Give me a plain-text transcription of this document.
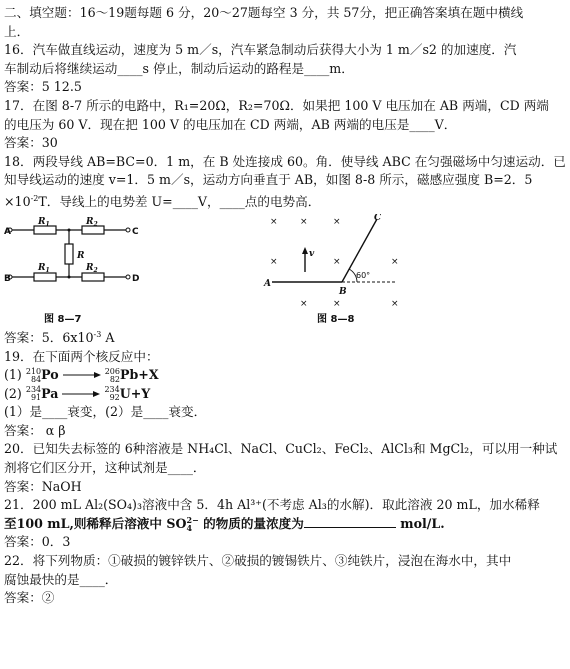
二、填空题：16～19题每题 6 分，20～27题每空 3 分，共 57分，把正确答案填在题中横线

上．

16．汽车做直线运动，速度为 5 m／s，汽车紧急制动后获得大小为 1 m／s2 的加速度．汽

车制动后将继续运动____s 停止，制动后运动的路程是____m．

答案：5 12.5

17．在图 8-7 所示的电路中，R₁=20Ω，R₂=70Ω．如果把 100 V 电压加在 AB 两端，CD 两端

的电压为 60 V．现在把 100 V 的电压加在 CD 两端，AB 两端的电压是____V．

答案：30

18．两段导线 AB=BC=0．1 m，在 B 处连接成 60。角．使导线 ABC 在匀强磁场中匀速运动．已

知导线运动的速度 v=1．5 m／s，运动方向垂直于 AB，如图 8-8 所示，磁感应强度 B=2．5

$\times 10^{-2}T$．导线上的电势差 U=____V，____点的电势高．

$R_1$	$R_2$
$R_1$	$R_2$
R
A	C
B	D
图 8—7
× ×	×
×	×	×
×	×	×
A
B
C
v
60°
图 8—8
答案：5．$6x10^{-3}$ A

19．在下面两个核反应中：

(1) 210
84Po	206
82Pb+X

(2) 234
91Pa	234
92U+Y

(1）是____衰变，(2）是____衰变．

答案： α β

20．已知失去标签的 6种溶液是 NH₄Cl、NaCl、CuCl₂、FeCl₂、AlCl₃和 MgCl₂，可以用一种试

剂将它们区分开，这种试剂是____．

答案：NaOH

21．200 mL Al₂(SO₄)₃溶液中含 5．4h Al³⁺(不考虑 Al₃的水解)．取此溶液 20 mL，加水稀释

至100 mL,则稀释后溶液中 SO2−
4 的物质的量浓度为	mol/L.

答案：0．3

22．将下列物质：①破损的镀锌铁片、②破损的镀锡铁片、③纯铁片，浸泡在海水中，其中

腐蚀最快的是____．

答案：②
